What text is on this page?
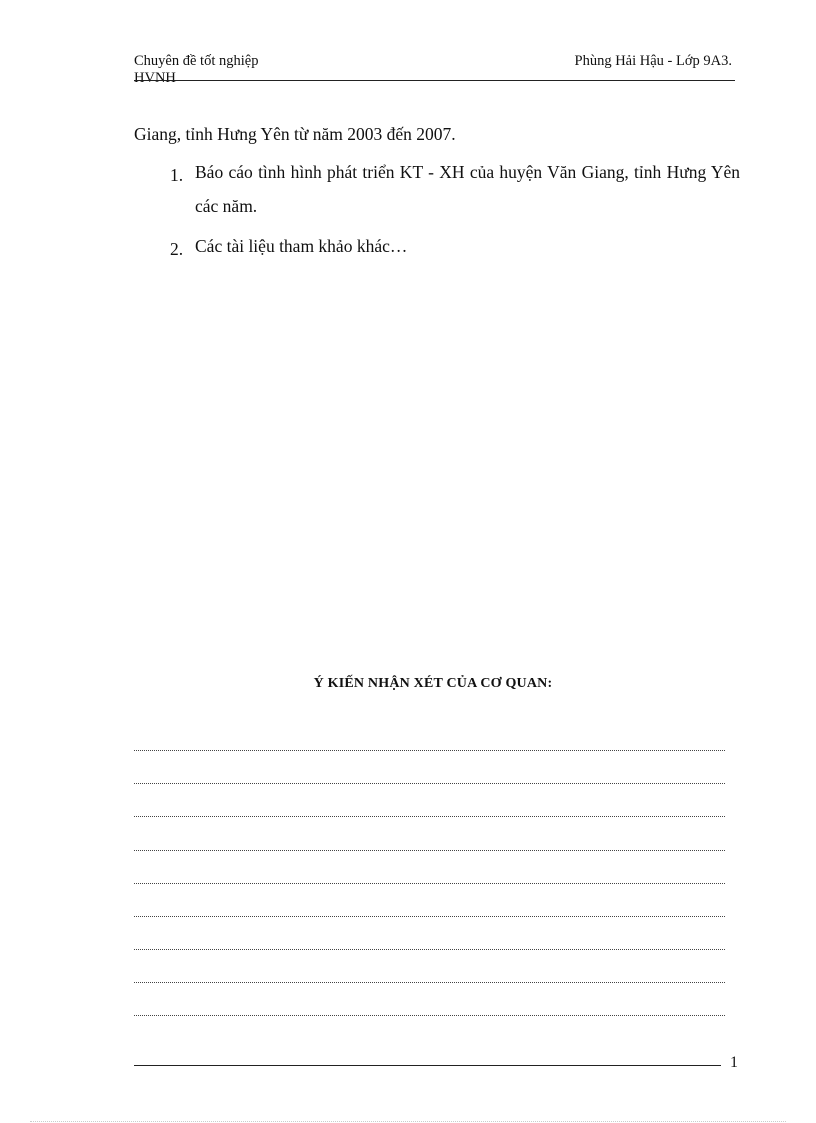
Chuyên đề tốt nghiệp
HVNH
Phùng Hải Hậu - Lớp 9A3.
Giang, tỉnh Hưng Yên từ năm 2003 đến 2007.
1. Báo cáo tình hình phát triển KT - XH của huyện Văn Giang, tỉnh Hưng Yên các năm.
2. Các tài liệu tham khảo khác…
Ý KIẾN NHẬN XÉT CỦA CƠ QUAN:
1
